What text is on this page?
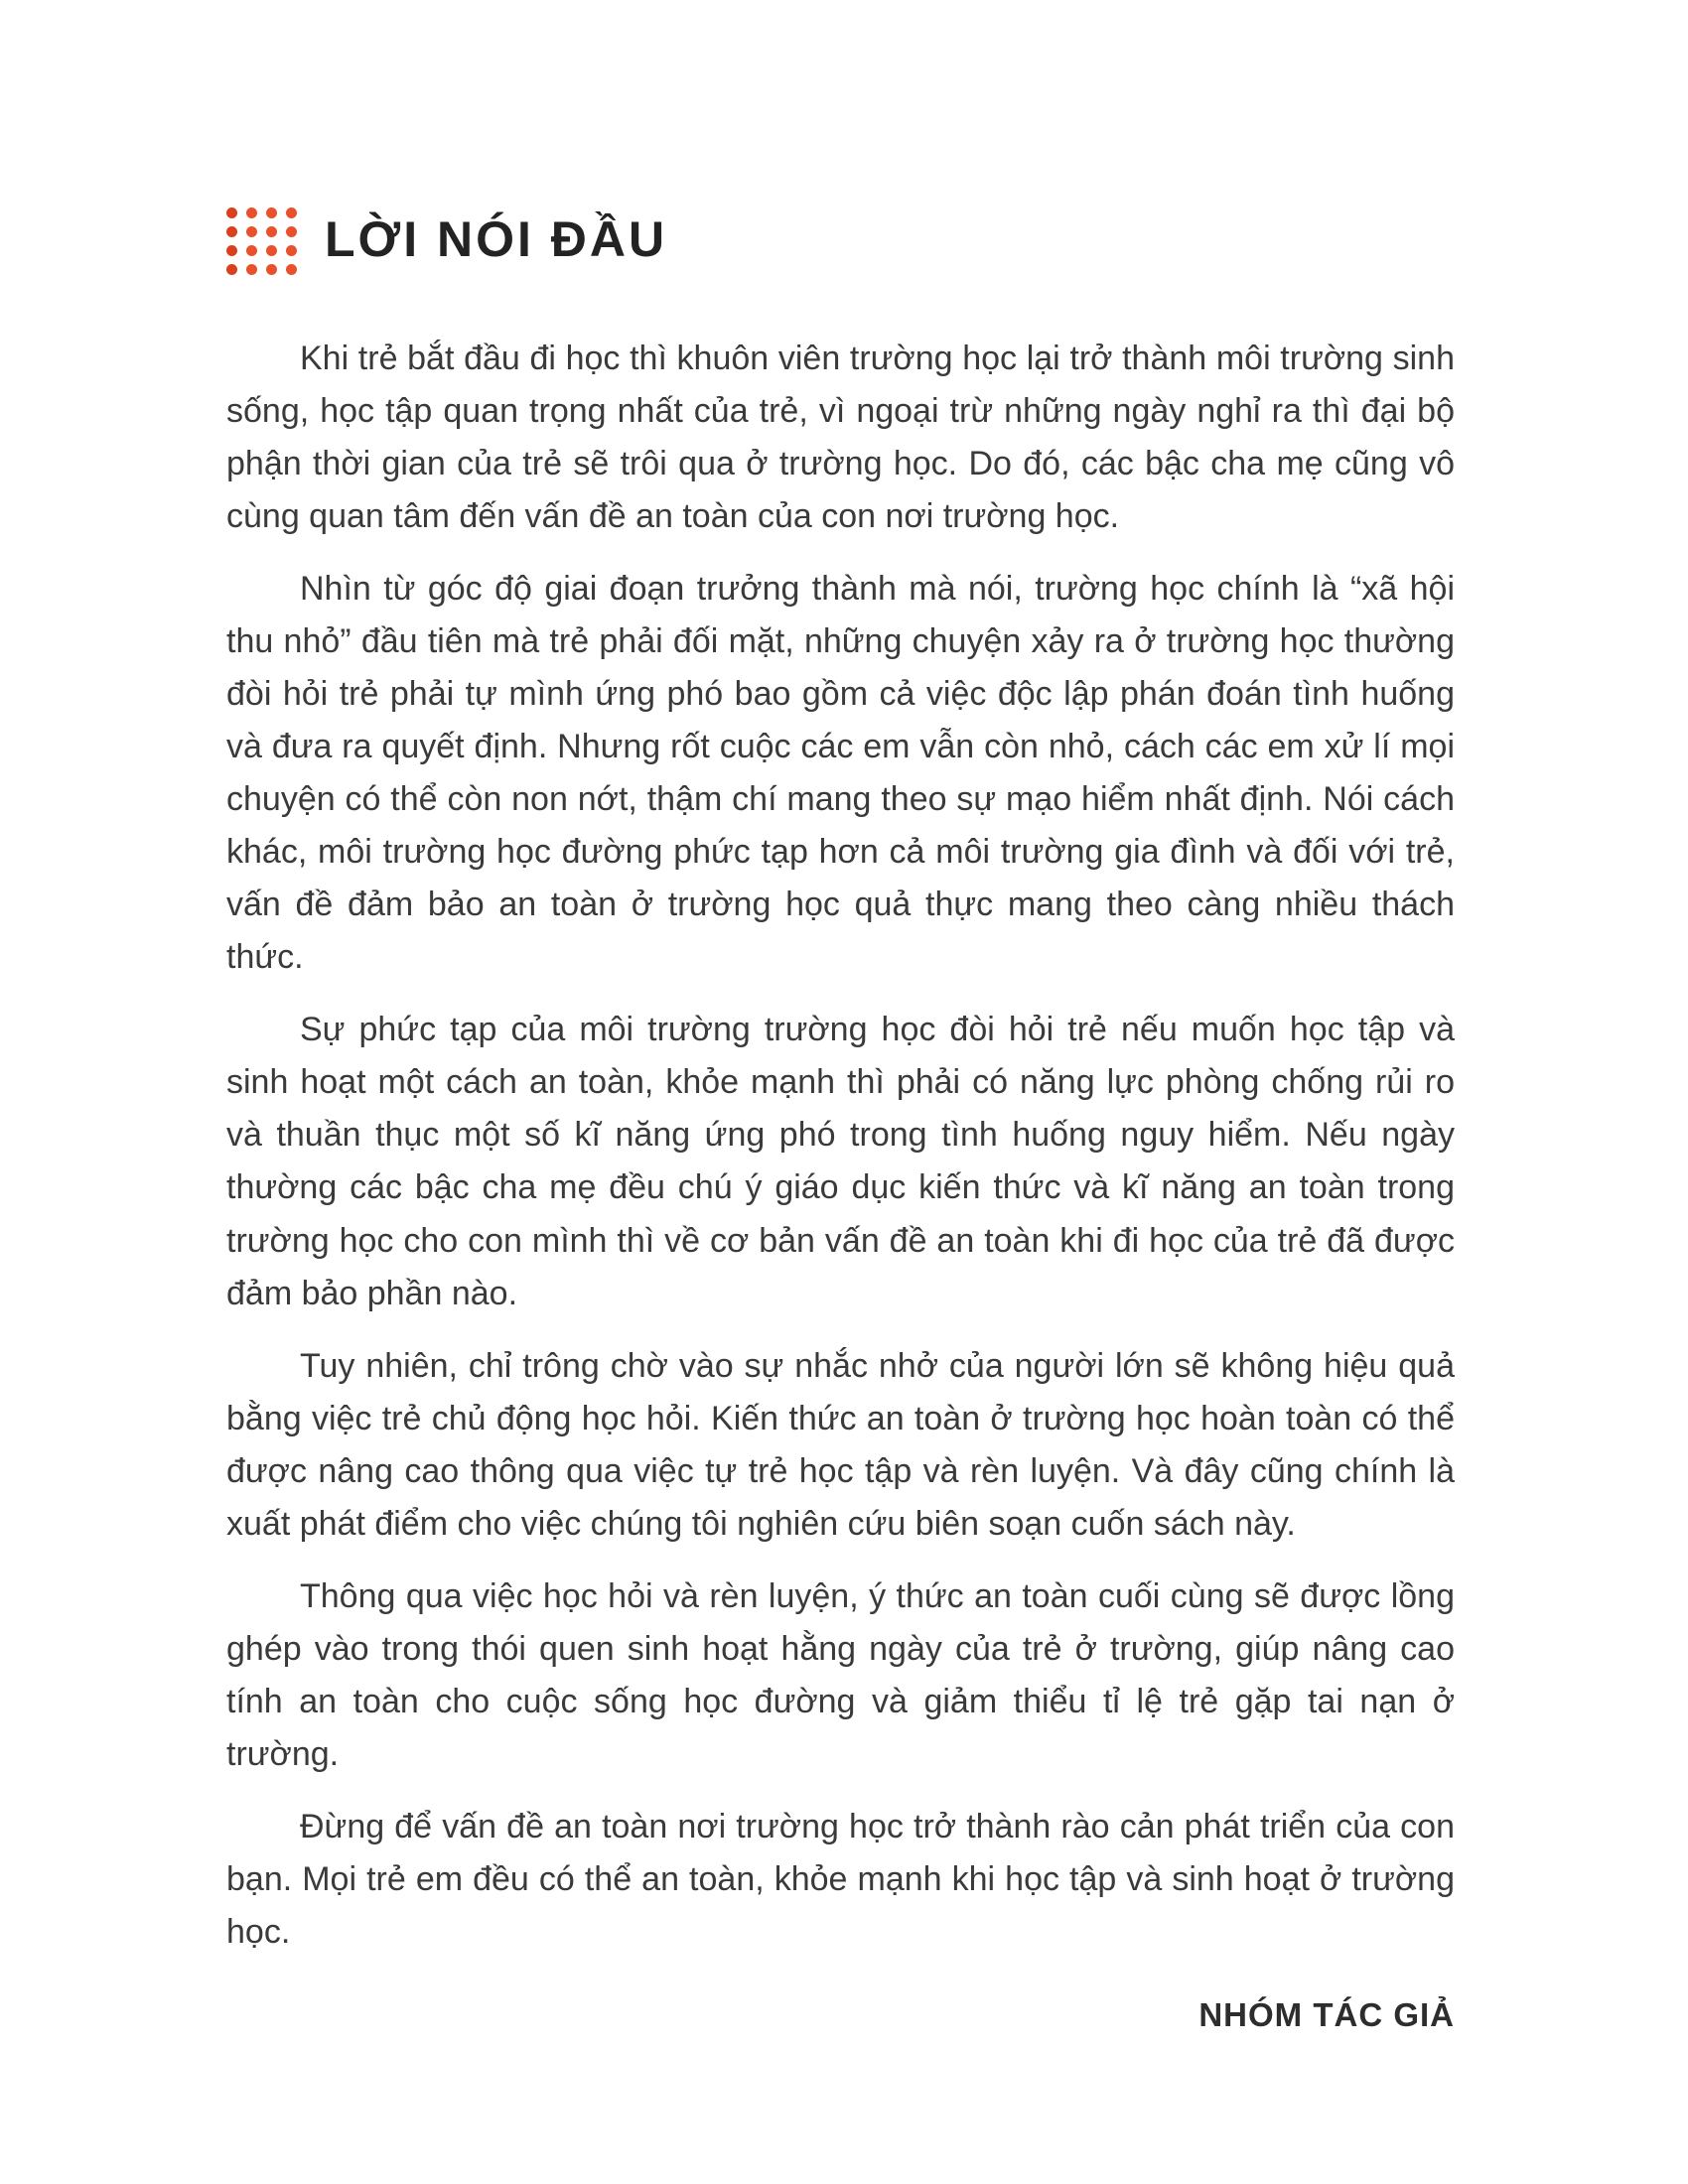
LỜI NÓI ĐẦU

Khi trẻ bắt đầu đi học thì khuôn viên trường học lại trở thành môi trường sinh sống, học tập quan trọng nhất của trẻ, vì ngoại trừ những ngày nghỉ ra thì đại bộ phận thời gian của trẻ sẽ trôi qua ở trường học. Do đó, các bậc cha mẹ cũng vô cùng quan tâm đến vấn đề an toàn của con nơi trường học.

Nhìn từ góc độ giai đoạn trưởng thành mà nói, trường học chính là “xã hội thu nhỏ” đầu tiên mà trẻ phải đối mặt, những chuyện xảy ra ở trường học thường đòi hỏi trẻ phải tự mình ứng phó bao gồm cả việc độc lập phán đoán tình huống và đưa ra quyết định. Nhưng rốt cuộc các em vẫn còn nhỏ, cách các em xử lí mọi chuyện có thể còn non nớt, thậm chí mang theo sự mạo hiểm nhất định. Nói cách khác, môi trường học đường phức tạp hơn cả môi trường gia đình và đối với trẻ, vấn đề đảm bảo an toàn ở trường học quả thực mang theo càng nhiều thách thức.

Sự phức tạp của môi trường trường học đòi hỏi trẻ nếu muốn học tập và sinh hoạt một cách an toàn, khỏe mạnh thì phải có năng lực phòng chống rủi ro và thuần thục một số kĩ năng ứng phó trong tình huống nguy hiểm. Nếu ngày thường các bậc cha mẹ đều chú ý giáo dục kiến thức và kĩ năng an toàn trong trường học cho con mình thì về cơ bản vấn đề an toàn khi đi học của trẻ đã được đảm bảo phần nào.

Tuy nhiên, chỉ trông chờ vào sự nhắc nhở của người lớn sẽ không hiệu quả bằng việc trẻ chủ động học hỏi. Kiến thức an toàn ở trường học hoàn toàn có thể được nâng cao thông qua việc tự trẻ học tập và rèn luyện. Và đây cũng chính là xuất phát điểm cho việc chúng tôi nghiên cứu biên soạn cuốn sách này.

Thông qua việc học hỏi và rèn luyện, ý thức an toàn cuối cùng sẽ được lồng ghép vào trong thói quen sinh hoạt hằng ngày của trẻ ở trường, giúp nâng cao tính an toàn cho cuộc sống học đường và giảm thiểu tỉ lệ trẻ gặp tai nạn ở trường.

Đừng để vấn đề an toàn nơi trường học trở thành rào cản phát triển của con bạn. Mọi trẻ em đều có thể an toàn, khỏe mạnh khi học tập và sinh hoạt ở trường học.

NHÓM TÁC GIẢ
